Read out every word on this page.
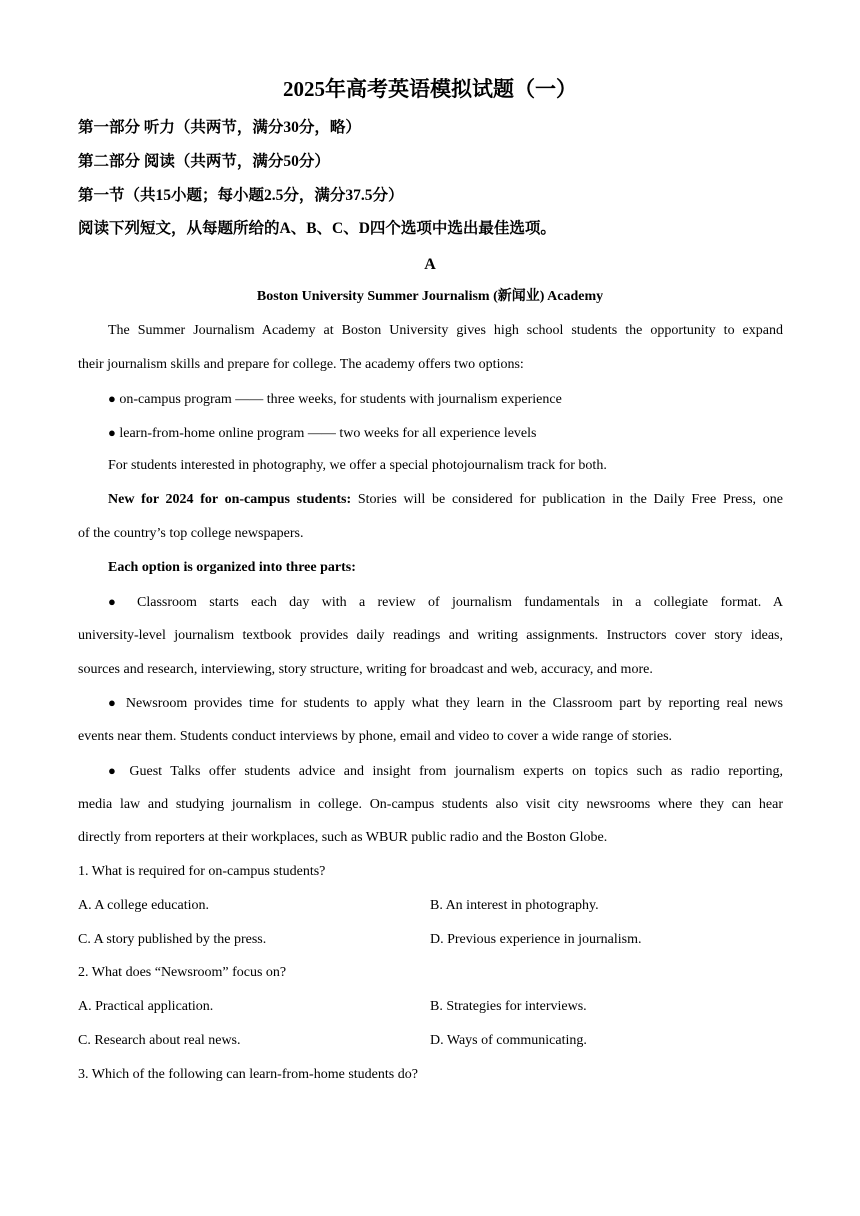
2025年高考英语模拟试题（一）
第一部分 听力（共两节，满分30分，略）
第二部分 阅读（共两节，满分50分）
第一节（共15小题；每小题2.5分，满分37.5分）
阅读下列短文，从每题所给的A、B、C、D四个选项中选出最佳选项。
A
Boston University Summer Journalism (新闻业) Academy
The Summer Journalism Academy at Boston University gives high school students the opportunity to expand
their journalism skills and prepare for college. The academy offers two options:
● on-campus program —— three weeks, for students with journalism experience
● learn-from-home online program —— two weeks for all experience levels
For students interested in photography, we offer a special photojournalism track for both.
New for 2024 for on-campus students: Stories will be considered for publication in the Daily Free Press, one
of the country’s top college newspapers.
Each option is organized into three parts:
● Classroom starts each day with a review of journalism fundamentals in a collegiate format. A
university-level journalism textbook provides daily readings and writing assignments. Instructors cover story ideas,
sources and research, interviewing, story structure, writing for broadcast and web, accuracy, and more.
● Newsroom provides time for students to apply what they learn in the Classroom part by reporting real news
events near them. Students conduct interviews by phone, email and video to cover a wide range of stories.
● Guest Talks offer students advice and insight from journalism experts on topics such as radio reporting,
media law and studying journalism in college. On-campus students also visit city newsrooms where they can hear
directly from reporters at their workplaces, such as WBUR public radio and the Boston Globe.
1. What is required for on-campus students?
A. A college education.	B. An interest in photography.
C. A story published by the press.	D. Previous experience in journalism.
2. What does “Newsroom” focus on?
A. Practical application.	B. Strategies for interviews.
C. Research about real news.	D. Ways of communicating.
3. Which of the following can learn-from-home students do?
